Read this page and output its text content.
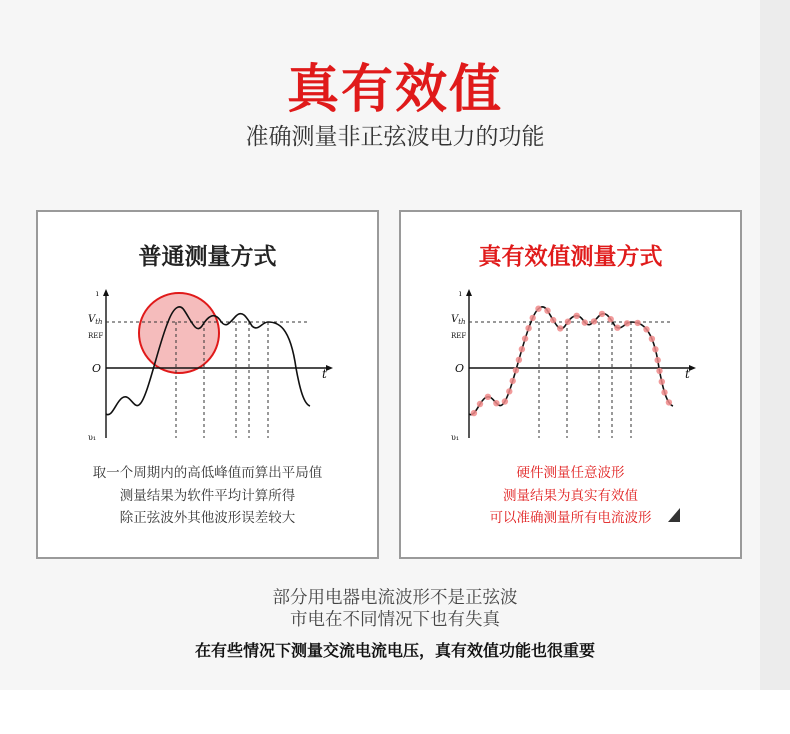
真有效值
准确测量非正弦波电力的功能
普通测量方式
$V_{th}$
REF
O	t
υ₁
ı
取一个周期内的高低峰值而算出平局值
测量结果为软件平均计算所得
除正弦波外其他波形误差较大
真有效值测量方式
$V_{th}$
REF
O	t
υ₁
ı
硬件测量任意波形
测量结果为真实有效值
可以准确测量所有电流波形
部分用电器电流波形不是正弦波
市电在不同情况下也有失真
在有些情况下测量交流电流电压，真有效值功能也很重要
